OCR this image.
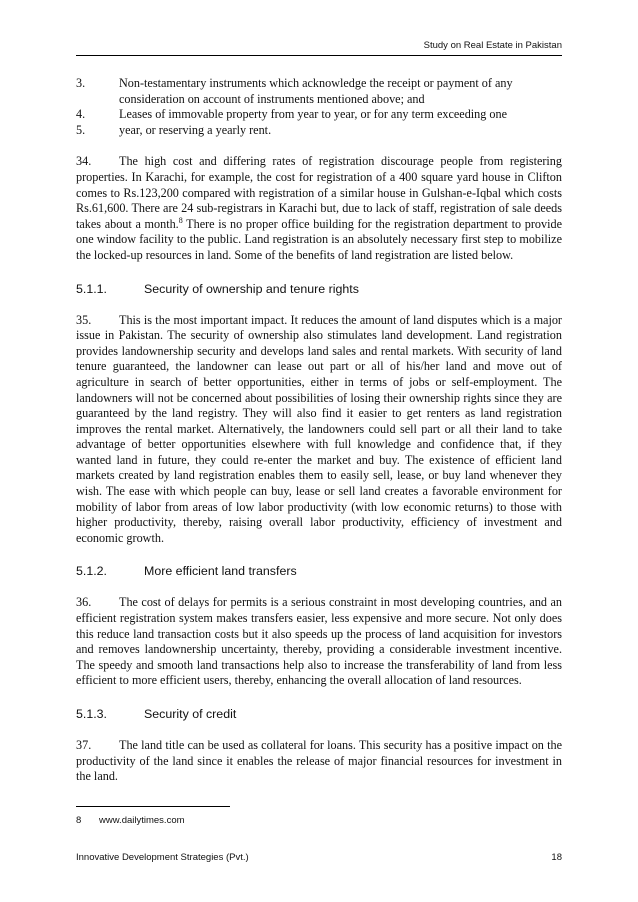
Study on Real Estate in Pakistan
3.	Non-testamentary instruments which acknowledge the receipt or payment of any consideration on account of instruments mentioned above; and
4.	Leases of immovable property from year to year, or for any term exceeding one
5.	year, or reserving a yearly rent.

34. The high cost and differing rates of registration discourage people from registering properties. In Karachi, for example, the cost for registration of a 400 square yard house in Clifton comes to Rs.123,200 compared with registration of a similar house in Gulshan-e-Iqbal which costs Rs.61,600. There are 24 sub-registrars in Karachi but, due to lack of staff, registration of sale deeds takes about a month.$^8$ There is no proper office building for the registration department to provide one window facility to the public. Land registration is an absolutely necessary first step to mobilize the locked-up resources in land. Some of the benefits of land registration are listed below.

5.1.1.	Security of ownership and tenure rights

35. This is the most important impact. It reduces the amount of land disputes which is a major issue in Pakistan. The security of ownership also stimulates land development. Land registration provides landownership security and develops land sales and rental markets. With security of land tenure guaranteed, the landowner can lease out part or all of his/her land and move out of agriculture in search of better opportunities, either in terms of jobs or self-employment. The landowners will not be concerned about possibilities of losing their ownership rights since they are guaranteed by the land registry. They will also find it easier to get renters as land registration improves the rental market. Alternatively, the landowners could sell part or all their land to take advantage of better opportunities elsewhere with full knowledge and confidence that, if they wanted land in future, they could re-enter the market and buy. The existence of efficient land markets created by land registration enables them to easily sell, lease, or buy land whenever they wish. The ease with which people can buy, lease or sell land creates a favorable environment for mobility of labor from areas of low labor productivity (with low economic returns) to those with higher productivity, thereby, raising overall labor productivity, efficiency of investment and economic growth.

5.1.2.	More efficient land transfers

36. The cost of delays for permits is a serious constraint in most developing countries, and an efficient registration system makes transfers easier, less expensive and more secure. Not only does this reduce land transaction costs but it also speeds up the process of land acquisition for investors and removes landownership uncertainty, thereby, providing a considerable investment incentive. The speedy and smooth land transactions help also to increase the transferability of land from less efficient to more efficient users, thereby, enhancing the overall allocation of land resources.

5.1.3.	Security of credit

37. The land title can be used as collateral for loans. This security has a positive impact on the productivity of the land since it enables the release of major financial resources for investment in the land.

8	www.dailytimes.com
Innovative Development Strategies (Pvt.)	18
